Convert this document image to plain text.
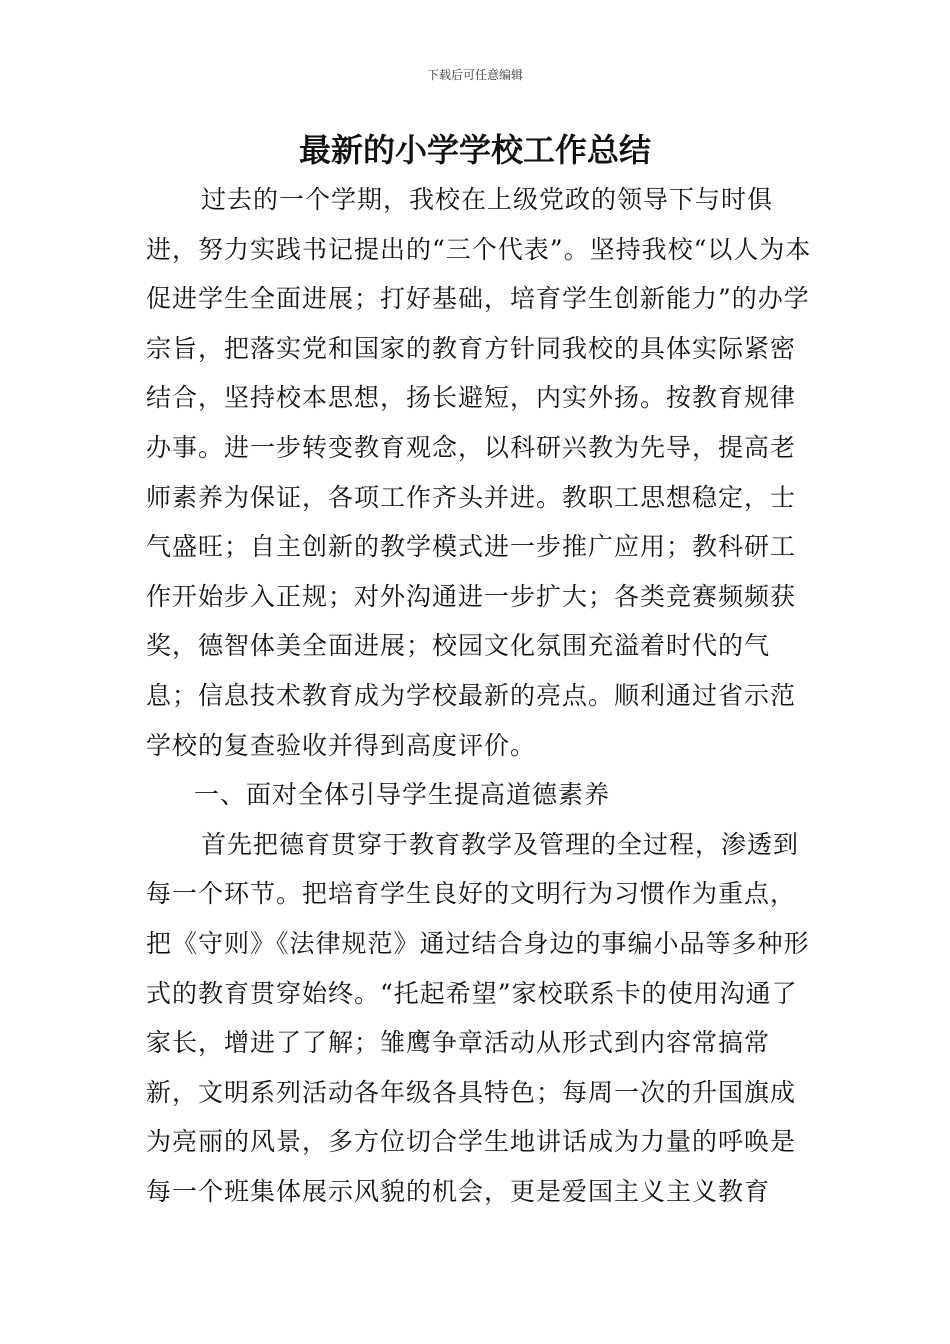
下载后可任意编辑
最新的小学学校工作总结

过去的一个学期，我校在上级党政的领导下与时俱进，努力实践书记提出的“三个代表”。坚持我校“以人为本促进学生全面进展；打好基础，培育学生创新能力”的办学宗旨，把落实党和国家的教育方针同我校的具体实际紧密结合，坚持校本思想，扬长避短，内实外扬。按教育规律办事。进一步转变教育观念，以科研兴教为先导，提高老师素养为保证，各项工作齐头并进。教职工思想稳定，士气盛旺；自主创新的教学模式进一步推广应用；教科研工作开始步入正规；对外沟通进一步扩大；各类竞赛频频获奖，德智体美全面进展；校园文化氛围充溢着时代的气息；信息技术教育成为学校最新的亮点。顺利通过省示范学校的复查验收并得到高度评价。

一、面对全体引导学生提高道德素养

首先把德育贯穿于教育教学及管理的全过程，渗透到每一个环节。把培育学生良好的文明行为习惯作为重点，把《守则》《法律规范》通过结合身边的事编小品等多种形式的教育贯穿始终。“托起希望”家校联系卡的使用沟通了家长，增进了了解；雏鹰争章活动从形式到内容常搞常新，文明系列活动各年级各具特色；每周一次的升国旗成为亮丽的风景，多方位切合学生地讲话成为力量的呼唤是每一个班集体展示风貌的机会，更是爱国主义主义教育
